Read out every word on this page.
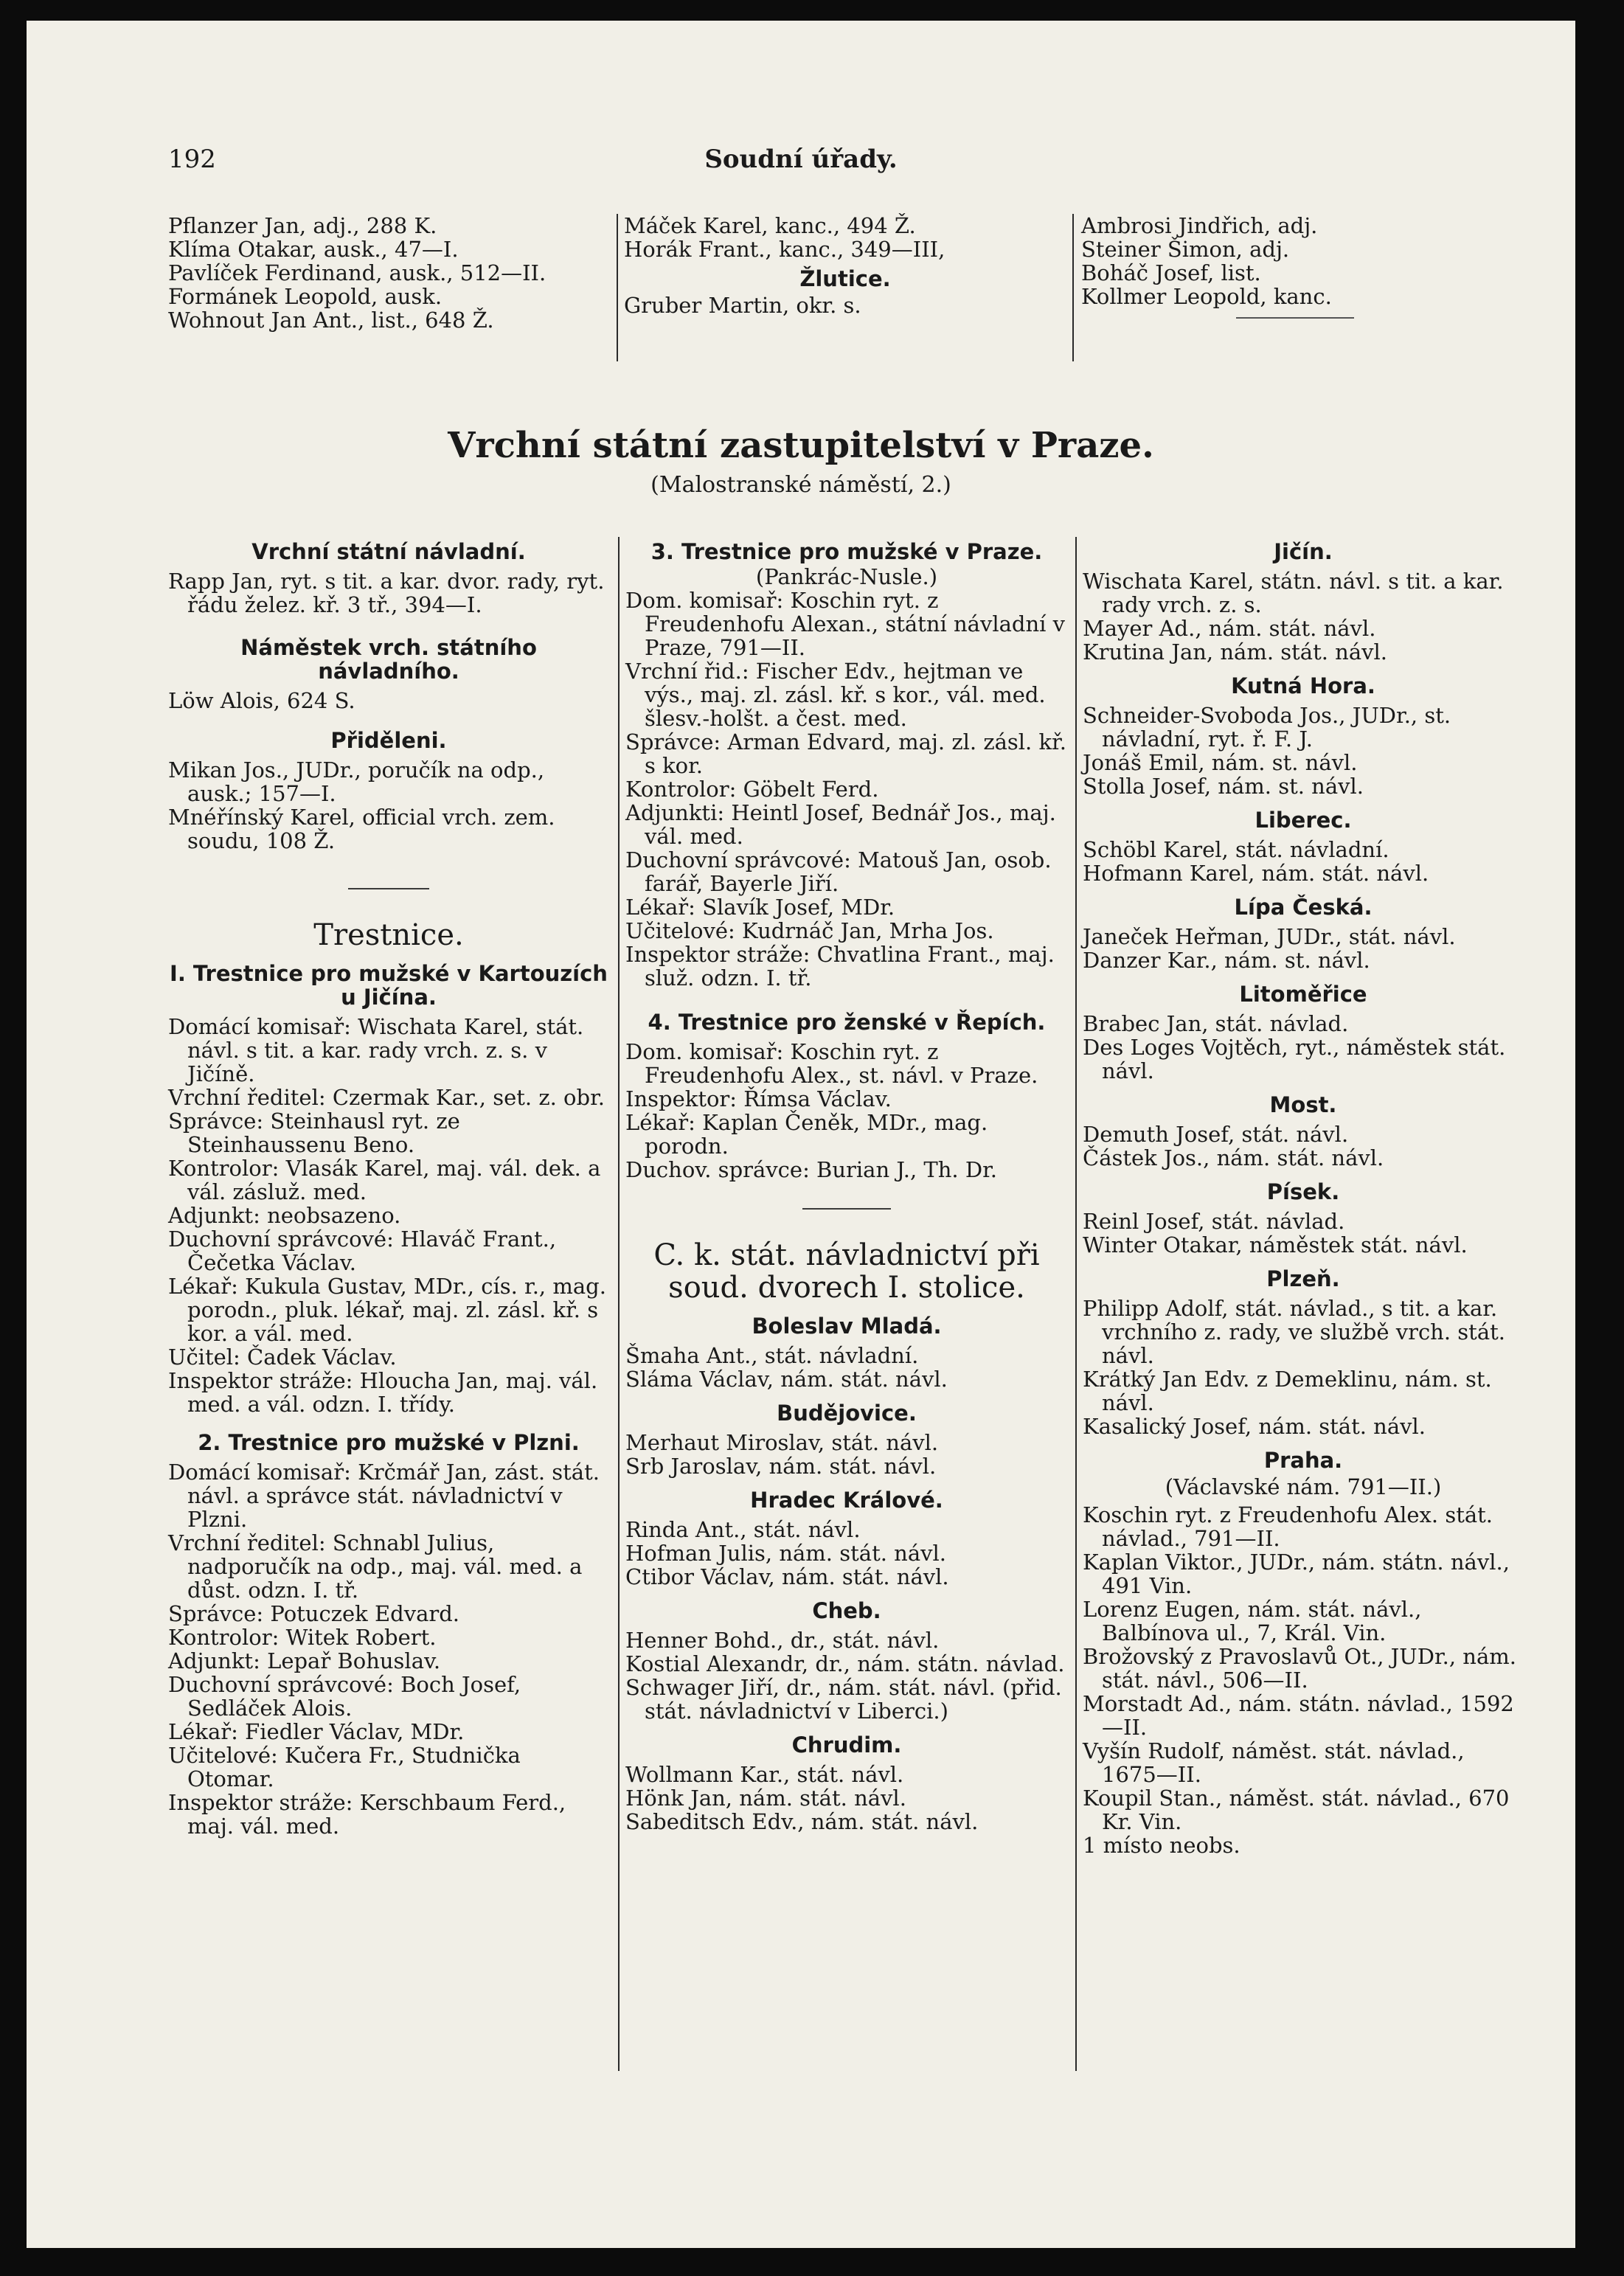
192	Soudní úřady.

Pflanzer Jan, adj., 288 K.

Klíma Otakar, ausk., 47—I.

Pavlíček Ferdinand, ausk., 512—II.

Formánek Leopold, ausk.

Wohnout Jan Ant., list., 648 Ž.

Máček Karel, kanc., 494 Ž.

Horák Frant., kanc., 349—III,

Žlutice.

Gruber Martin, okr. s.

Ambrosi Jindřich, adj.

Steiner Šimon, adj.

Boháč Josef, list.

Kollmer Leopold, kanc.

Vrchní státní zastupitelství v Praze.
(Malostranské náměstí, 2.)
Vrchní státní návladní.

Rapp Jan, ryt. s tit. a kar. dvor. rady, ryt. řádu želez. kř. 3 tř., 394—I.

Náměstek vrch. státního návladního.

Löw Alois, 624 S.

Přiděleni.

Mikan Jos., JUDr., poručík na odp., ausk.; 157—I.

Mnéřínský Karel, official vrch. zem. soudu, 108 Ž.

Trestnice.
I. Trestnice pro mužské v Kartouzích u Jičína.

Domácí komisař: Wischata Karel, stát. návl. s tit. a kar. rady vrch. z. s. v Jičíně.

Vrchní ředitel: Czermak Kar., set. z. obr.

Správce: Steinhausl ryt. ze Steinhaussenu Beno.

Kontrolor: Vlasák Karel, maj. vál. dek. a vál. zásluž. med.

Adjunkt: neobsazeno.

Duchovní správcové: Hlaváč Frant., Čečetka Václav.

Lékař: Kukula Gustav, MDr., cís. r., mag. porodn., pluk. lékař, maj. zl. zásl. kř. s kor. a vál. med.

Učitel: Čadek Václav.

Inspektor stráže: Hloucha Jan, maj. vál. med. a vál. odzn. I. třídy.

2. Trestnice pro mužské v Plzni.

Domácí komisař: Krčmář Jan, zást. stát. návl. a správce stát. návladnictví v Plzni.

Vrchní ředitel: Schnabl Julius, nadporučík na odp., maj. vál. med. a důst. odzn. I. tř.

Správce: Potuczek Edvard.

Kontrolor: Witek Robert.

Adjunkt: Lepař Bohuslav.

Duchovní správcové: Boch Josef, Sedláček Alois.

Lékař: Fiedler Václav, MDr.

Učitelové: Kučera Fr., Studnička Otomar.

Inspektor stráže: Kerschbaum Ferd., maj. vál. med.

3. Trestnice pro mužské v Praze.
(Pankrác-Nusle.)

Dom. komisař: Koschin ryt. z Freudenhofu Alexan., státní návladní v Praze, 791—II.

Vrchní řid.: Fischer Edv., hejtman ve výs., maj. zl. zásl. kř. s kor., vál. med. šlesv.-holšt. a čest. med.

Správce: Arman Edvard, maj. zl. zásl. kř. s kor.

Kontrolor: Göbelt Ferd.

Adjunkti: Heintl Josef, Bednář Jos., maj. vál. med.

Duchovní správcové: Matouš Jan, osob. farář, Bayerle Jiří.

Lékař: Slavík Josef, MDr.

Učitelové: Kudrnáč Jan, Mrha Jos.

Inspektor stráže: Chvatlina Frant., maj. služ. odzn. I. tř.

4. Trestnice pro ženské v Řepích.

Dom. komisař: Koschin ryt. z Freudenhofu Alex., st. návl. v Praze.

Inspektor: Římsa Václav.

Lékař: Kaplan Čeněk, MDr., mag. porodn.

Duchov. správce: Burian J., Th. Dr.

C. k. stát. návladnictví při soud. dvorech I. stolice.
Boleslav Mladá.

Šmaha Ant., stát. návladní.

Sláma Václav, nám. stát. návl.

Budějovice.

Merhaut Miroslav, stát. návl.

Srb Jaroslav, nám. stát. návl.

Hradec Králové.

Rinda Ant., stát. návl.

Hofman Julis, nám. stát. návl.

Ctibor Václav, nám. stát. návl.

Cheb.

Henner Bohd., dr., stát. návl.

Kostial Alexandr, dr., nám. státn. návlad.

Schwager Jiří, dr., nám. stát. návl. (přid. stát. návladnictví v Liberci.)

Chrudim.

Wollmann Kar., stát. návl.

Hönk Jan, nám. stát. návl.

Sabeditsch Edv., nám. stát. návl.

Jičín.

Wischata Karel, státn. návl. s tit. a kar. rady vrch. z. s.

Mayer Ad., nám. stát. návl.

Krutina Jan, nám. stát. návl.

Kutná Hora.

Schneider-Svoboda Jos., JUDr., st. návladní, ryt. ř. F. J.

Jonáš Emil, nám. st. návl.

Stolla Josef, nám. st. návl.

Liberec.

Schöbl Karel, stát. návladní.

Hofmann Karel, nám. stát. návl.

Lípa Česká.

Janeček Heřman, JUDr., stát. návl.

Danzer Kar., nám. st. návl.

Litoměřice

Brabec Jan, stát. návlad.

Des Loges Vojtěch, ryt., náměstek stát. návl.

Most.

Demuth Josef, stát. návl.

Částek Jos., nám. stát. návl.

Písek.

Reinl Josef, stát. návlad.

Winter Otakar, náměstek stát. návl.

Plzeň.

Philipp Adolf, stát. návlad., s tit. a kar. vrchního z. rady, ve službě vrch. stát. návl.

Krátký Jan Edv. z Demeklinu, nám. st. návl.

Kasalický Josef, nám. stát. návl.

Praha.
(Václavské nám. 791—II.)

Koschin ryt. z Freudenhofu Alex. stát. návlad., 791—II.

Kaplan Viktor., JUDr., nám. státn. návl., 491 Vin.

Lorenz Eugen, nám. stát. návl., Balbínova ul., 7, Král. Vin.

Brožovský z Pravoslavů Ot., JUDr., nám. stát. návl., 506—II.

Morstadt Ad., nám. státn. návlad., 1592—II.

Vyšín Rudolf, náměst. stát. návlad., 1675—II.

Koupil Stan., náměst. stát. návlad., 670 Kr. Vin.

1 místo neobs.
